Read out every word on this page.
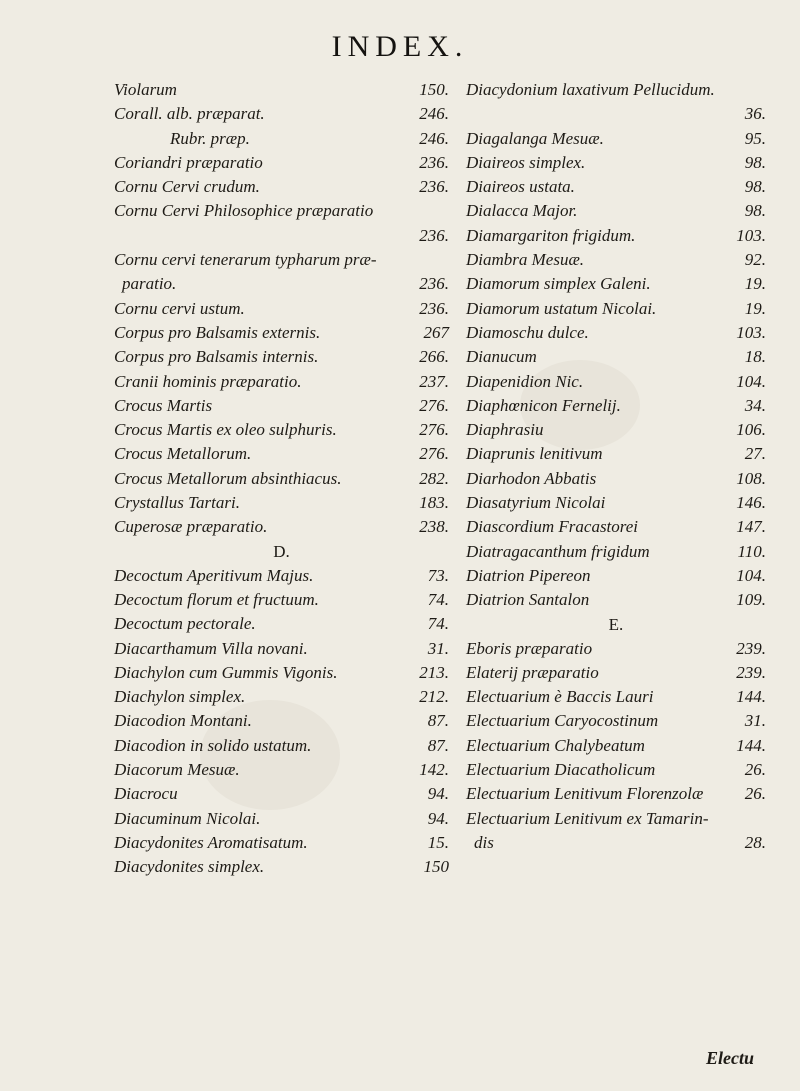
INDEX.
Violarum	150.
Corall. alb. præparat.	246.
Rubr. præp.	246.
Coriandri præparatio	236.
Cornu Cervi crudum.	236.
Cornu Cervi Philosophice præparatio
236.
Cornu cervi tenerarum typharum præ-
paratio.	236.
Cornu cervi ustum.	236.
Corpus pro Balsamis externis.	267
Corpus pro Balsamis internis.	266.
Cranii hominis præparatio.	237.
Crocus Martis	276.
Crocus Martis ex oleo sulphuris.	276.
Crocus Metallorum.	276.
Crocus Metallorum absinthiacus.	282.
Crystallus Tartari.	183.
Cuperosæ præparatio.	238.
D.
Decoctum Aperitivum Majus.	73.
Decoctum florum et fructuum.	74.
Decoctum pectorale.	74.
Diacarthamum Villa novani.	31.
Diachylon cum Gummis Vigonis.	213.
Diachylon simplex.	212.
Diacodion Montani.	87.
Diacodion in solido ustatum.	87.
Diacorum Mesuæ.	142.
Diacrocu	94.
Diacuminum Nicolai.	94.
Diacydonites Aromatisatum.	15.
Diacydonites simplex.	150
Diacydonium laxativum Pellucidum.
36.
Diagalanga Mesuæ.	95.
Diaireos simplex.	98.
Diaireos ustata.	98.
Dialacca Major.	98.
Diamargariton frigidum.	103.
Diambra Mesuæ.	92.
Diamorum simplex Galeni.	19.
Diamorum ustatum Nicolai.	19.
Diamoschu dulce.	103.
Dianucum	18.
Diapenidion Nic.	104.
Diaphœnicon Fernelij.	34.
Diaphrasiu	106.
Diaprunis lenitivum	27.
Diarhodon Abbatis	108.
Diasatyrium Nicolai	146.
Diascordium Fracastorei	147.
Diatragacanthum frigidum	110.
Diatrion Pipereon	104.
Diatrion Santalon	109.
E.
Eboris præparatio	239.
Elaterij præparatio	239.
Electuarium è Baccis Lauri	144.
Electuarium Caryocostinum	31.
Electuarium Chalybeatum	144.
Electuarium Diacatholicum	26.
Electuarium Lenitivum Florenzolæ 26.
Electuarium Lenitivum ex Tamarin-
dis	28.
Electu
